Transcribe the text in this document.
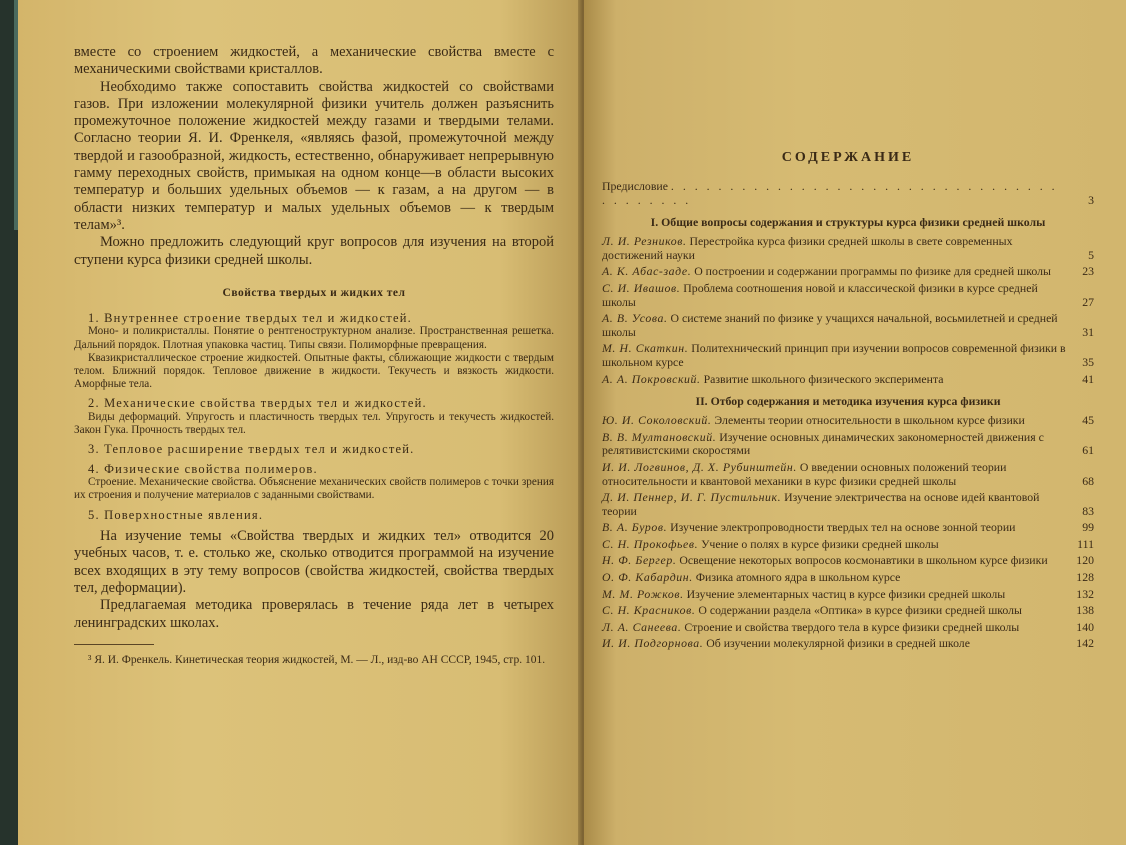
вместе со строением жидкостей, а механические свойства вместе с механическими свойствами кристаллов.

Необходимо также сопоставить свойства жидкостей со свойствами газов. При изложении молекулярной физики учитель должен разъяснить промежуточное положение жидкостей между газами и твердыми телами. Согласно теории Я. И. Френкеля, «являясь фазой, промежуточной между твердой и газообразной, жидкость, естественно, обнаруживает непрерывную гамму переходных свойств, примыкая на одном конце—в области высоких температур и больших удельных объемов — к газам, а на другом — в области низких температур и малых удельных объемов — к твердым телам»³.

Можно предложить следующий круг вопросов для изучения на второй ступени курса физики средней школы.

Свойства твердых и жидких тел
1. Внутреннее строение твердых тел и жидкостей.

Моно- и поликристаллы. Понятие о рентгеноструктурном анализе. Пространственная решетка. Дальний порядок. Плотная упаковка частиц. Типы связи. Полиморфные превращения.

Квазикристаллическое строение жидкостей. Опытные факты, сближающие жидкости с твердым телом. Ближний порядок. Тепловое движение в жидкости. Текучесть и вязкость жидкости. Аморфные тела.

2. Механические свойства твердых тел и жидкостей.

Виды деформаций. Упругость и пластичность твердых тел. Упругость и текучесть жидкостей. Закон Гука. Прочность твердых тел.

3. Тепловое расширение твердых тел и жидкостей.
4. Физические свойства полимеров.

Строение. Механические свойства. Объяснение механических свойств полимеров с точки зрения их строения и получение материалов с заданными свойствами.

5. Поверхностные явления.

На изучение темы «Свойства твердых и жидких тел» отводится 20 учебных часов, т. е. столько же, сколько отводится программой на изучение всех входящих в эту тему вопросов (свойства жидкостей, свойства твердых тел, деформации).

Предлагаемая методика проверялась в течение ряда лет в четырех ленинградских школах.

³ Я. И. Френкель. Кинетическая теория жидкостей, М. — Л., изд-во АН СССР, 1945, стр. 101.

СОДЕРЖАНИЕ
Предисловие . . . . . . . . . . . . . . . . . . . . . . . . . . . . . . . . . . . . . . . . .	3
I. Общие вопросы содержания и структуры курса физики средней школы
Л. И. Резников. Перестройка курса физики средней школы в свете современных достижений науки	5
А. К. Абас-заде. О построении и содержании программы по физике для средней школы	23
С. И. Ивашов. Проблема соотношения новой и классической физики в курсе средней школы	27
А. В. Усова. О системе знаний по физике у учащихся начальной, восьмилетней и средней школы	31
М. Н. Скаткин. Политехнический принцип при изучении вопросов современной физики в школьном курсе	35
А. А. Покровский. Развитие школьного физического эксперимента	41
II. Отбор содержания и методика изучения курса физики
Ю. И. Соколовский. Элементы теории относительности в школьном курсе физики	45
В. В. Мултановский. Изучение основных динамических закономерностей движения с релятивистскими скоростями	61
И. И. Логвинов, Д. Х. Рубинштейн. О введении основных положений теории относительности и квантовой механики в курс физики средней школы	68
Д. И. Пеннер, И. Г. Пустильник. Изучение электричества на основе идей квантовой теории	83
В. А. Буров. Изучение электропроводности твердых тел на основе зонной теории	99
С. Н. Прокофьев. Учение о полях в курсе физики средней школы	111
Н. Ф. Бергер. Освещение некоторых вопросов космонавтики в школьном курсе физики 120
О. Ф. Кабардин. Физика атомного ядра в школьном курсе	128
М. М. Рожков. Изучение элементарных частиц в курсе физики средней школы	132
С. Н. Красников. О содержании раздела «Оптика» в курсе физики средней школы	138
Л. А. Санеева. Строение и свойства твердого тела в курсе физики средней школы	140
И. И. Подгорнова. Об изучении молекулярной физики в средней школе	142
